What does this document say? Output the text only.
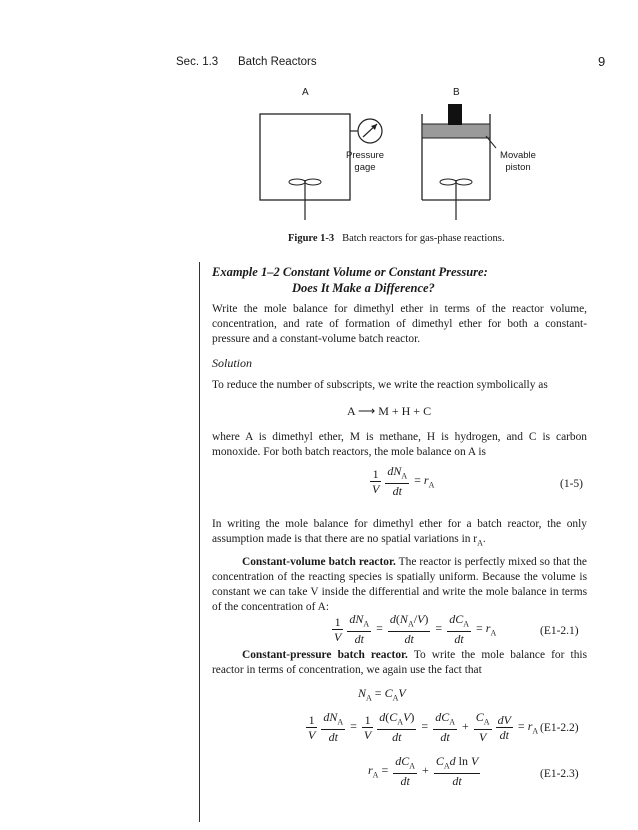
Sec. 1.3 Batch Reactors	9
A	B
Pressure
gage
Movable
piston
Figure 1-3 Batch reactors for gas-phase reactions.
Example 1–2 Constant Volume or Constant Pressure:
Does It Make a Difference?
Write the mole balance for dimethyl ether in terms of the reactor volume, concentration, and rate of formation of dimethyl ether for both a constant-pressure and a constant-volume batch reactor.
Solution
To reduce the number of subscripts, we write the reaction symbolically as
A ⟶ M + H + C
where A is dimethyl ether, M is methane, H is hydrogen, and C is carbon monoxide. For both batch reactors, the mole balance on A is
$\frac{1}{V} \frac{dN_A}{dt} = r_A$	(1-5)
In writing the mole balance for dimethyl ether for a batch reactor, the only assumption made is that there are no spatial variations in $r_A$.
Constant-volume batch reactor. The reactor is perfectly mixed so that the concentration of the reacting species is spatially uniform. Because the volume is constant we can take V inside the differential and write the mole balance in terms of the concentration of A:
$\frac{1}{V} \frac{dN_A}{dt} = \frac{d(N_A/V)}{dt} = \frac{dC_A}{dt} = r_A$	(E1-2.1)
Constant-pressure batch reactor. To write the mole balance for this reactor in terms of concentration, we again use the fact that
$N_A = C_AV$
$\frac{1}{V} \frac{dN_A}{dt} = \frac{1}{V} \frac{d(C_AV)}{dt} = \frac{dC_A}{dt} + \frac{C_A}{V} \frac{dV}{dt} = r_A$ (E1-2.2)
$r_A = \frac{dC_A}{dt} + \frac{C_Ad \ln V}{dt}$	(E1-2.3)
